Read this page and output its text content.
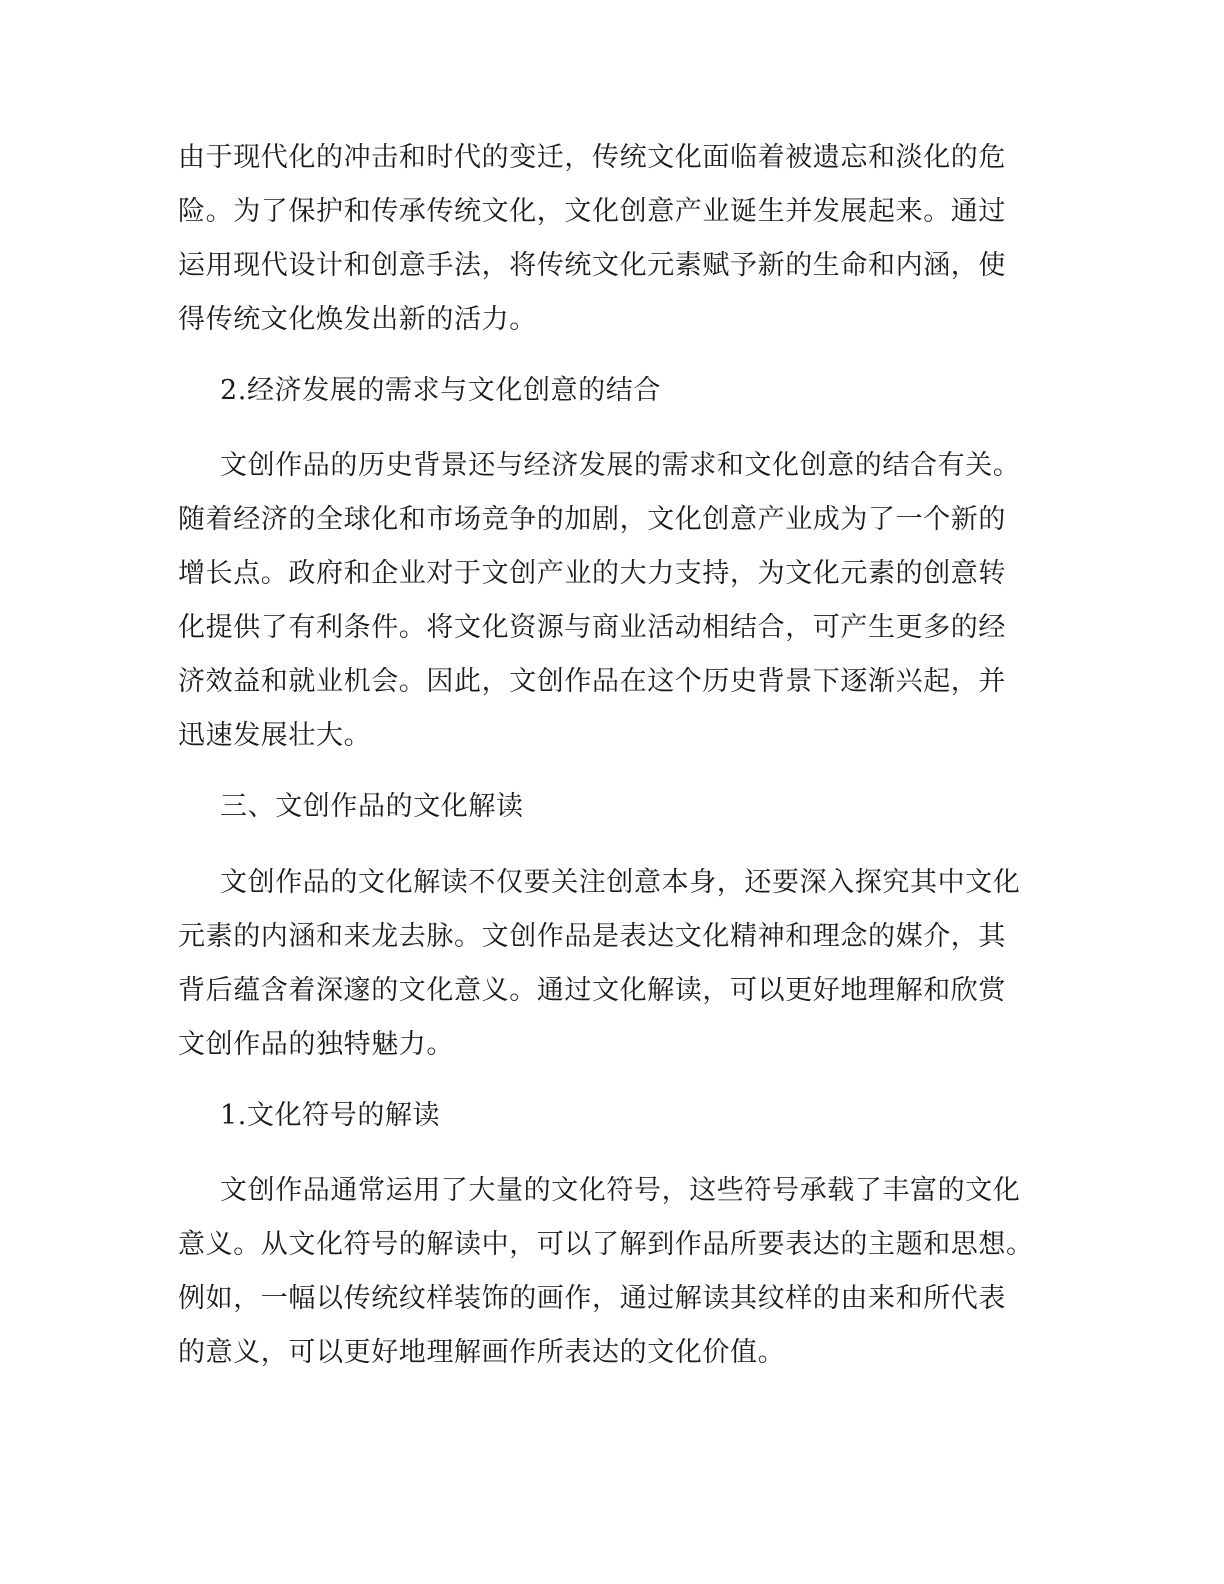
由于现代化的冲击和时代的变迁，传统文化面临着被遗忘和淡化的危
险。为了保护和传承传统文化，文化创意产业诞生并发展起来。通过
运用现代设计和创意手法，将传统文化元素赋予新的生命和内涵，使
得传统文化焕发出新的活力。
2.经济发展的需求与文化创意的结合
文创作品的历史背景还与经济发展的需求和文化创意的结合有关。
随着经济的全球化和市场竞争的加剧，文化创意产业成为了一个新的
增长点。政府和企业对于文创产业的大力支持，为文化元素的创意转
化提供了有利条件。将文化资源与商业活动相结合，可产生更多的经
济效益和就业机会。因此，文创作品在这个历史背景下逐渐兴起，并
迅速发展壮大。
三、文创作品的文化解读
文创作品的文化解读不仅要关注创意本身，还要深入探究其中文化
元素的内涵和来龙去脉。文创作品是表达文化精神和理念的媒介，其
背后蕴含着深邃的文化意义。通过文化解读，可以更好地理解和欣赏
文创作品的独特魅力。
1.文化符号的解读
文创作品通常运用了大量的文化符号，这些符号承载了丰富的文化
意义。从文化符号的解读中，可以了解到作品所要表达的主题和思想。
例如，一幅以传统纹样装饰的画作，通过解读其纹样的由来和所代表
的意义，可以更好地理解画作所表达的文化价值。
